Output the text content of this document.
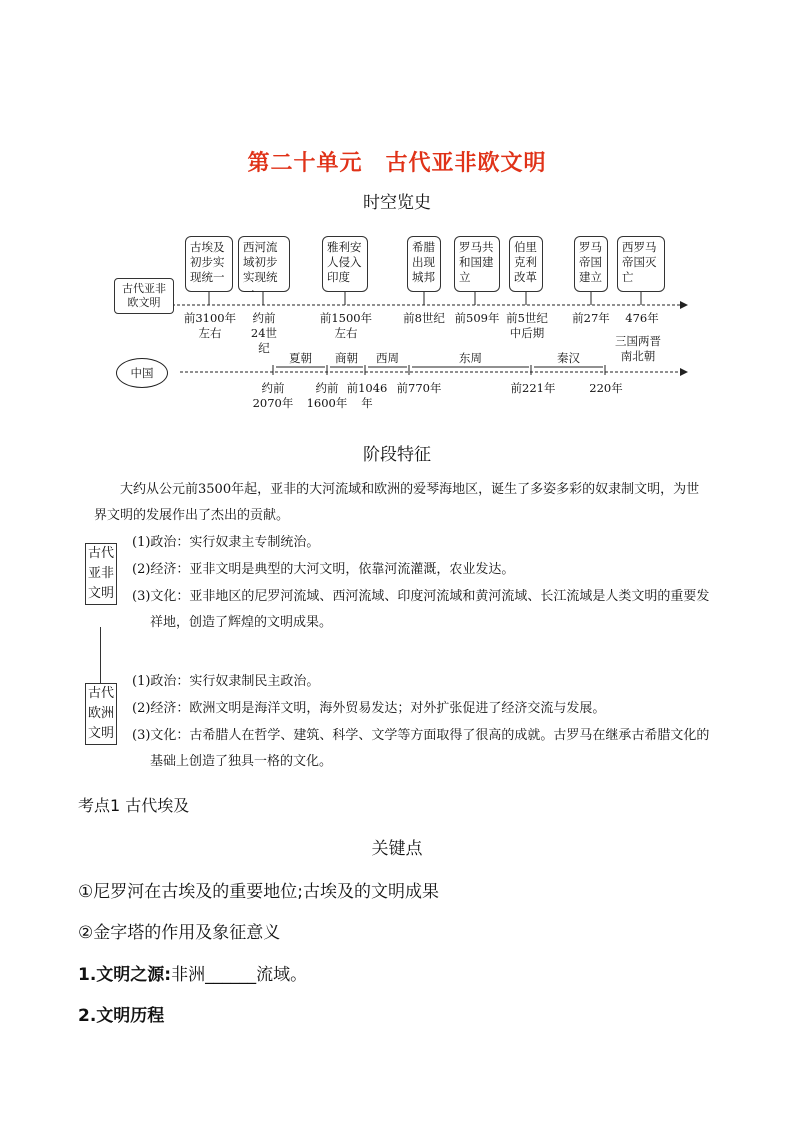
第二十单元　古代亚非欧文明
时空览史
古代亚非欧文明
中国
古埃及初步实现统一
西河流域初步实现统一
雅利安人侵入印度
希腊出现城邦
罗马共和国建立
伯里克利改革
罗马帝国建立
西罗马帝国灭亡
前3100年左右
约前24世纪
前1500年左右
前8世纪 前509年 前5世纪中后期
前27年	476年
夏朝	商朝	西周	东周	秦汉
三国两晋南北朝
约前2070年
约前1600年
前1046年
前770年	前221年	220年
阶段特征
大约从公元前3500年起，亚非的大河流域和欧洲的爱琴海地区，诞生了多姿多彩的奴隶制文明，为世界文明的发展作出了杰出的贡献。
古代亚非文明
古代欧洲文明
(1)政治：实行奴隶主专制统治。
(2)经济：亚非文明是典型的大河文明，依靠河流灌溉，农业发达。
(3)文化：亚非地区的尼罗河流域、西河流域、印度河流域和黄河流域、长江流域是人类文明的重要发祥地，创造了辉煌的文明成果。
(1)政治：实行奴隶制民主政治。
(2)经济：欧洲文明是海洋文明，海外贸易发达；对外扩张促进了经济交流与发展。
(3)文化：古希腊人在哲学、建筑、科学、文学等方面取得了很高的成就。古罗马在继承古希腊文化的基础上创造了独具一格的文化。
考点1 古代埃及
关键点
①尼罗河在古埃及的重要地位;古埃及的文明成果
②金字塔的作用及象征意义
1.文明之源:非洲______流域。
2.文明历程
